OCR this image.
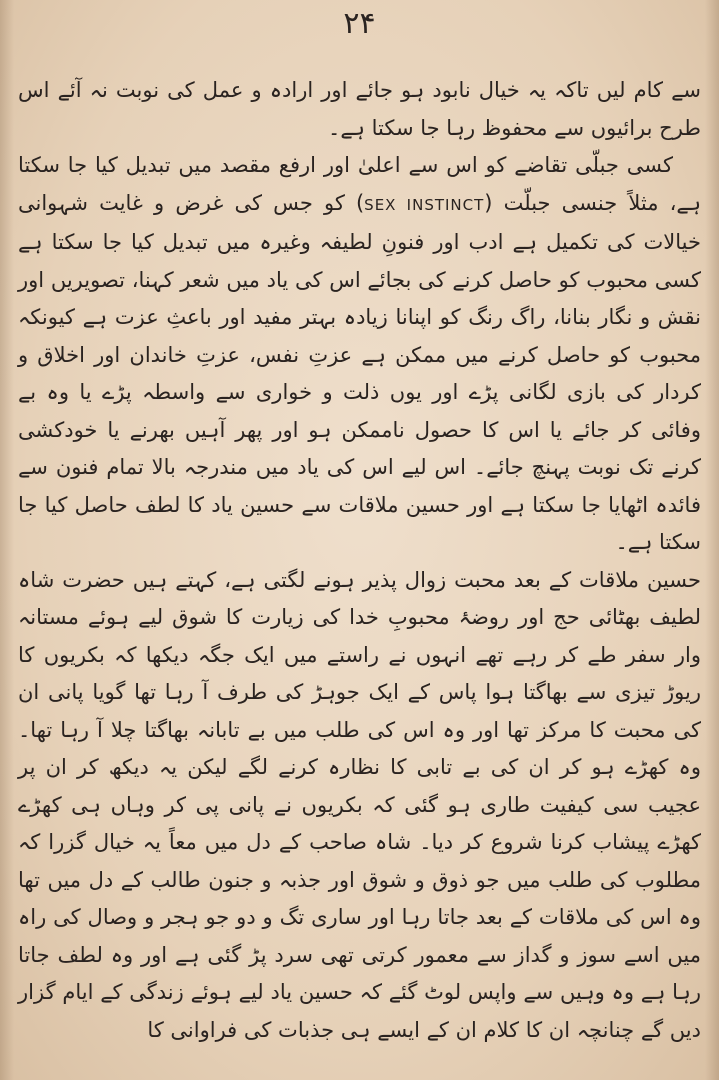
۲۴

سے کام لیں تاکہ یہ خیال نابود ہو جائے اور ارادہ و عمل کی نوبت نہ آئے اس طرح برائیوں سے محفوظ رہا جا سکتا ہے۔

کسی جبلّی تقاضے کو اس سے اعلیٰ اور ارفع مقصد میں تبدیل کیا جا سکتا ہے، مثلاً جنسی جبلّت (SEX INSTINCT) کو جس کی غرض و غایت شہوانی خیالات کی تکمیل ہے ادب اور فنونِ لطیفہ وغیرہ میں تبدیل کیا جا سکتا ہے کسی محبوب کو حاصل کرنے کی بجائے اس کی یاد میں شعر کہنا، تصویریں اور نقش و نگار بنانا، راگ رنگ کو اپنانا زیادہ بہتر مفید اور باعثِ عزت ہے کیونکہ محبوب کو حاصل کرنے میں ممکن ہے عزتِ نفس، عزتِ خاندان اور اخلاق و کردار کی بازی لگانی پڑے اور یوں ذلت و خواری سے واسطہ پڑے یا وہ بے وفائی کر جائے یا اس کا حصول ناممکن ہو اور پھر آہیں بھرنے یا خودکشی کرنے تک نوبت پہنچ جائے۔ اس لیے اس کی یاد میں مندرجہ بالا تمام فنون سے فائدہ اٹھایا جا سکتا ہے اور حسین ملاقات سے حسین یاد کا لطف حاصل کیا جا سکتا ہے۔

حسین ملاقات کے بعد محبت زوال پذیر ہونے لگتی ہے، کہتے ہیں حضرت شاہ لطیف بھٹائی حج اور روضۂ محبوبِ خدا کی زیارت کا شوق لیے ہوئے مستانہ وار سفر طے کر رہے تھے انہوں نے راستے میں ایک جگہ دیکھا کہ بکریوں کا ریوڑ تیزی سے بھاگتا ہوا پاس کے ایک جوہڑ کی طرف آ رہا تھا گویا پانی ان کی محبت کا مرکز تھا اور وہ اس کی طلب میں بے تابانہ بھاگتا چلا آ رہا تھا۔ وہ کھڑے ہو کر ان کی بے تابی کا نظارہ کرنے لگے لیکن یہ دیکھ کر ان پر عجیب سی کیفیت طاری ہو گئی کہ بکریوں نے پانی پی کر وہاں ہی کھڑے کھڑے پیشاب کرنا شروع کر دیا۔ شاہ صاحب کے دل میں معاً یہ خیال گزرا کہ مطلوب کی طلب میں جو ذوق و شوق اور جذبہ و جنون طالب کے دل میں تھا وہ اس کی ملاقات کے بعد جاتا رہا اور ساری تگ و دو جو ہجر و وصال کی راہ میں اسے سوز و گداز سے معمور کرتی تھی سرد پڑ گئی ہے اور وہ لطف جاتا رہا ہے وہ وہیں سے واپس لوٹ گئے کہ حسین یاد لیے ہوئے زندگی کے ایام گزار دیں گے چنانچہ ان کا کلام ان کے ایسے ہی جذبات کی فراوانی کا
